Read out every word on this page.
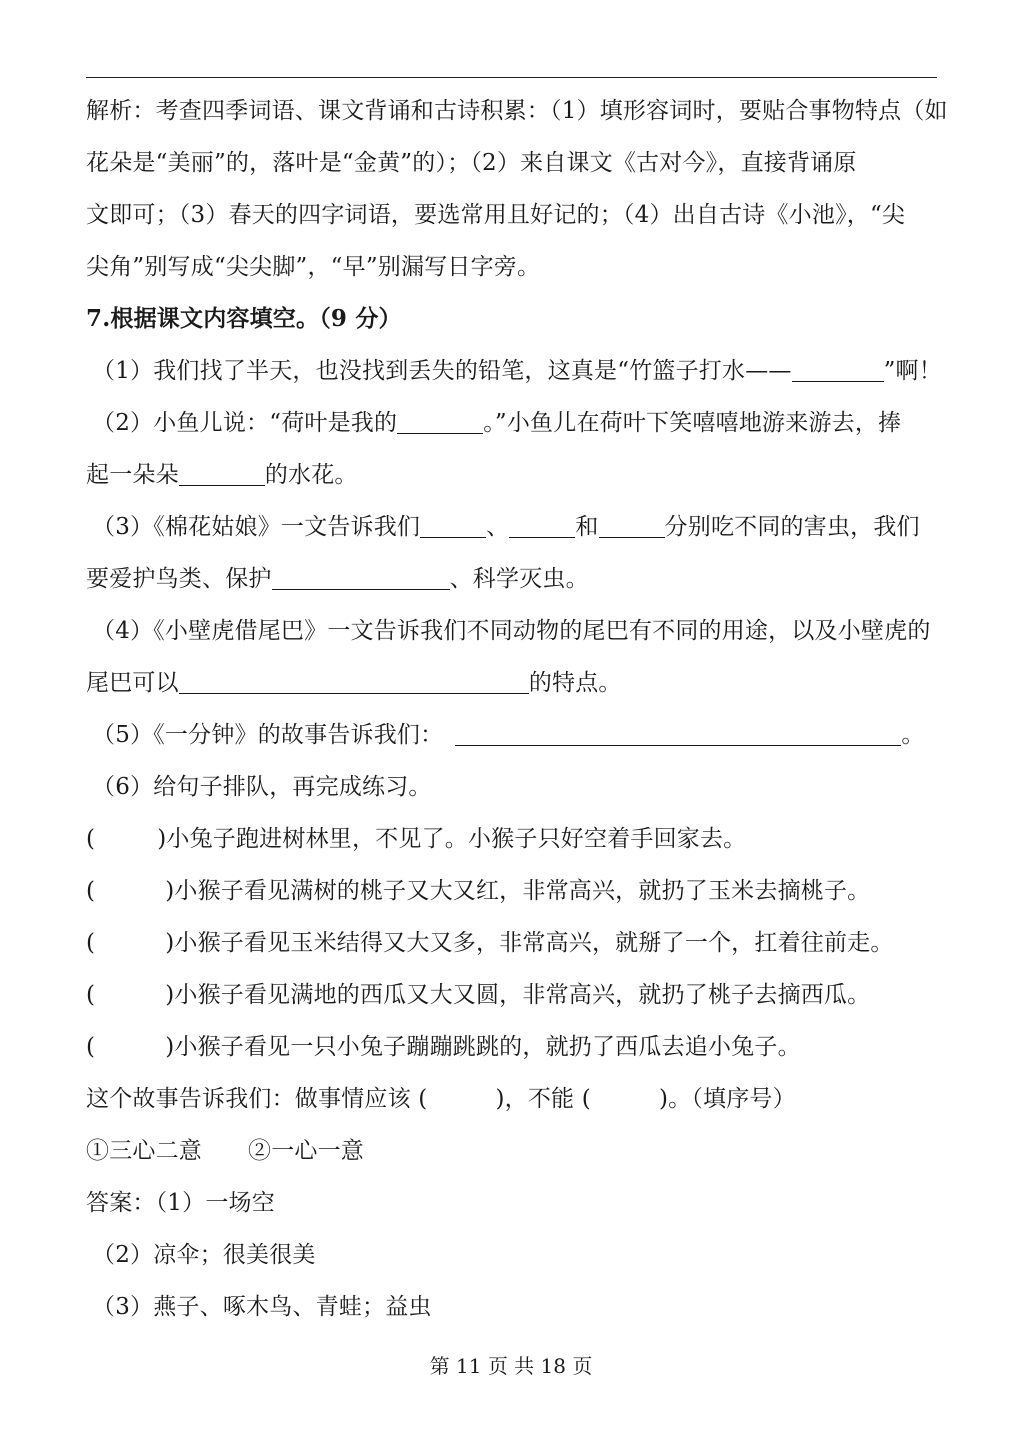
解析：考查四季词语、课文背诵和古诗积累：（1）填形容词时，要贴合事物特点（如
花朵是“美丽”的，落叶是“金黄”的）；（2）来自课文《古对今》，直接背诵原
文即可；（3）春天的四字词语，要选常用且好记的；（4）出自古诗《小池》，“尖
尖角”别写成“尖尖脚”，“早”别漏写日字旁。
7.根据课文内容填空。（9 分）
（1）我们找了半天，也没找到丢失的铅笔，这真是“竹篮子打水——	”啊！
（2）小鱼儿说：“荷叶是我的	。”小鱼儿在荷叶下笑嘻嘻地游来游去，捧
起一朵朵	的水花。
（3）《棉花姑娘》一文告诉我们	、	和	分别吃不同的害虫，我们
要爱护鸟类、保护	、科学灭虫。
（4）《小壁虎借尾巴》一文告诉我们不同动物的尾巴有不同的用途，以及小壁虎的
尾巴可以	的特点。
（5）《一分钟》的故事告诉我们：	。
（6）给句子排队，再完成练习。
(	)小兔子跑进树林里，不见了。小猴子只好空着手回家去。
(	)小猴子看见满树的桃子又大又红，非常高兴，就扔了玉米去摘桃子。
(	)小猴子看见玉米结得又大又多，非常高兴，就掰了一个，扛着往前走。
(	)小猴子看见满地的西瓜又大又圆，非常高兴，就扔了桃子去摘西瓜。
(	)小猴子看见一只小兔子蹦蹦跳跳的，就扔了西瓜去追小兔子。
这个故事告诉我们：做事情应该 (	)，不能 (	)。（填序号）
①三心二意 ②一心一意
答案：（1）一场空
（2）凉伞；很美很美
（3）燕子、啄木鸟、青蛙；益虫
第 11 页 共 18 页
